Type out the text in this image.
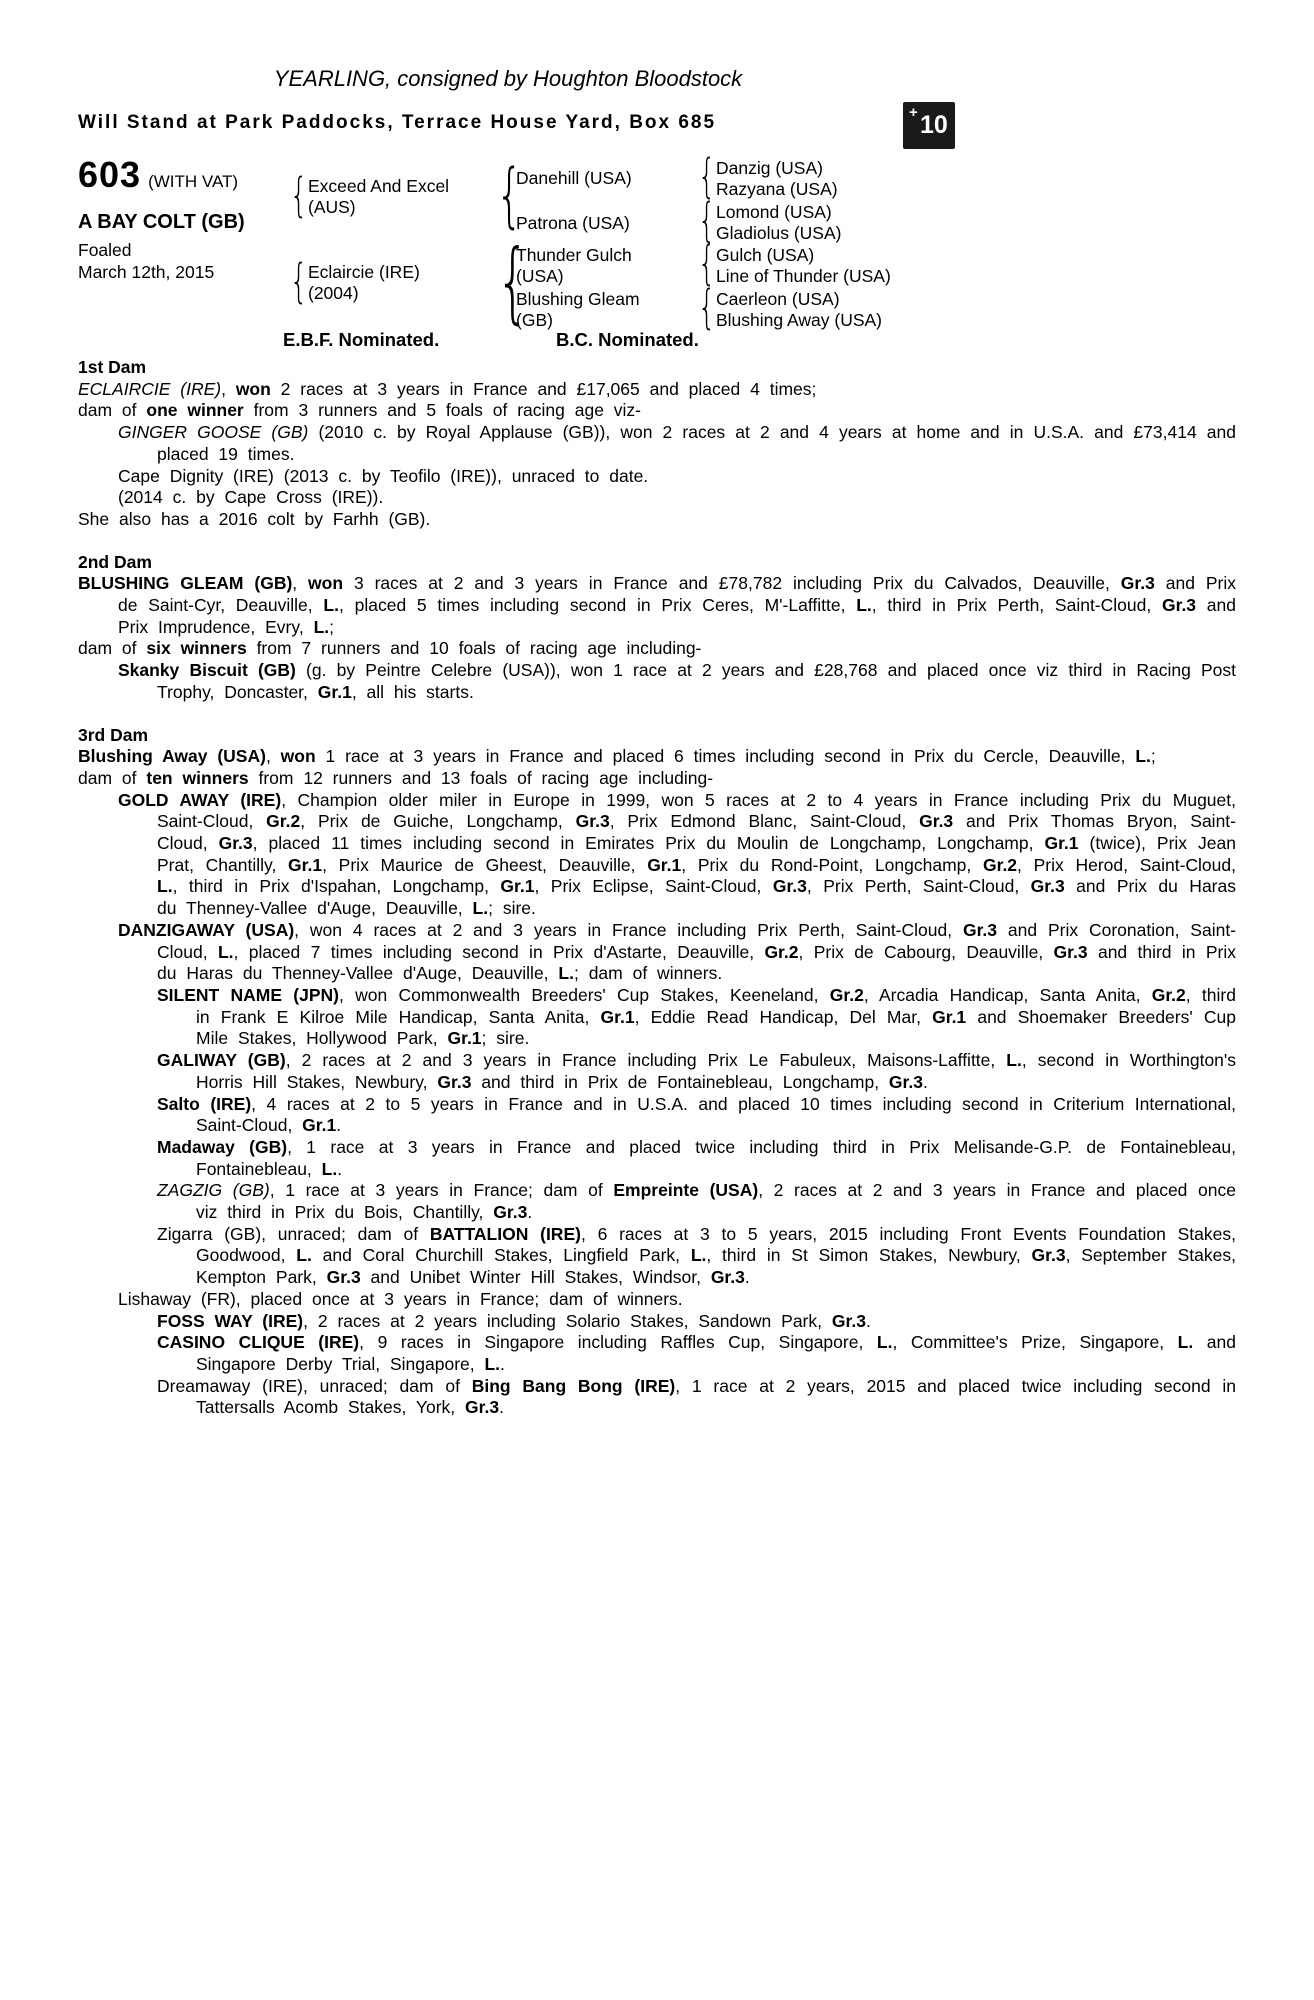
YEARLING, consigned by Houghton Bloodstock
Will Stand at Park Paddocks, Terrace House Yard, Box 685	+ 10
603 (WITH VAT)
A BAY COLT (GB)
Foaled
March 12th, 2015
{
{
{
{
{
{
{
{
Exceed And Excel
(AUS)
Eclaircie (IRE)
(2004)
Danehill (USA)
Patrona (USA)
Thunder Gulch
(USA)
Blushing Gleam
(GB)
Danzig (USA)
Razyana (USA)
Lomond (USA)
Gladiolus (USA)
Gulch (USA)
Line of Thunder (USA)
Caerleon (USA)
Blushing Away (USA)
E.B.F. Nominated.	B.C. Nominated.
1st Dam

ECLAIRCIE (IRE), won 2 races at 3 years in France and £17,065 and placed 4 times;

dam of one winner from 3 runners and 5 foals of racing age viz-

GINGER GOOSE (GB) (2010 c. by Royal Applause (GB)), won 2 races at 2 and 4 years at home and in U.S.A. and £73,414 and placed 19 times.

Cape Dignity (IRE) (2013 c. by Teofilo (IRE)), unraced to date.

(2014 c. by Cape Cross (IRE)).

She also has a 2016 colt by Farhh (GB).

2nd Dam

BLUSHING GLEAM (GB), won 3 races at 2 and 3 years in France and £78,782 including Prix du Calvados, Deauville, Gr.3 and Prix de Saint-Cyr, Deauville, L., placed 5 times including second in Prix Ceres, M'-Laffitte, L., third in Prix Perth, Saint-Cloud, Gr.3 and Prix Imprudence, Evry, L.;

dam of six winners from 7 runners and 10 foals of racing age including-

Skanky Biscuit (GB) (g. by Peintre Celebre (USA)), won 1 race at 2 years and £28,768 and placed once viz third in Racing Post Trophy, Doncaster, Gr.1, all his starts.

3rd Dam

Blushing Away (USA), won 1 race at 3 years in France and placed 6 times including second in Prix du Cercle, Deauville, L.;

dam of ten winners from 12 runners and 13 foals of racing age including-

GOLD AWAY (IRE), Champion older miler in Europe in 1999, won 5 races at 2 to 4 years in France including Prix du Muguet, Saint-Cloud, Gr.2, Prix de Guiche, Longchamp, Gr.3, Prix Edmond Blanc, Saint-Cloud, Gr.3 and Prix Thomas Bryon, Saint-Cloud, Gr.3, placed 11 times including second in Emirates Prix du Moulin de Longchamp, Longchamp, Gr.1 (twice), Prix Jean Prat, Chantilly, Gr.1, Prix Maurice de Gheest, Deauville, Gr.1, Prix du Rond-Point, Longchamp, Gr.2, Prix Herod, Saint-Cloud, L., third in Prix d'Ispahan, Longchamp, Gr.1, Prix Eclipse, Saint-Cloud, Gr.3, Prix Perth, Saint-Cloud, Gr.3 and Prix du Haras du Thenney-Vallee d'Auge, Deauville, L.; sire.

DANZIGAWAY (USA), won 4 races at 2 and 3 years in France including Prix Perth, Saint-Cloud, Gr.3 and Prix Coronation, Saint-Cloud, L., placed 7 times including second in Prix d'Astarte, Deauville, Gr.2, Prix de Cabourg, Deauville, Gr.3 and third in Prix du Haras du Thenney-Vallee d'Auge, Deauville, L.; dam of winners.

SILENT NAME (JPN), won Commonwealth Breeders' Cup Stakes, Keeneland, Gr.2, Arcadia Handicap, Santa Anita, Gr.2, third in Frank E Kilroe Mile Handicap, Santa Anita, Gr.1, Eddie Read Handicap, Del Mar, Gr.1 and Shoemaker Breeders' Cup Mile Stakes, Hollywood Park, Gr.1; sire.

GALIWAY (GB), 2 races at 2 and 3 years in France including Prix Le Fabuleux, Maisons-Laffitte, L., second in Worthington's Horris Hill Stakes, Newbury, Gr.3 and third in Prix de Fontainebleau, Longchamp, Gr.3.

Salto (IRE), 4 races at 2 to 5 years in France and in U.S.A. and placed 10 times including second in Criterium International, Saint-Cloud, Gr.1.

Madaway (GB), 1 race at 3 years in France and placed twice including third in Prix Melisande-G.P. de Fontainebleau, Fontainebleau, L..

ZAGZIG (GB), 1 race at 3 years in France; dam of Empreinte (USA), 2 races at 2 and 3 years in France and placed once viz third in Prix du Bois, Chantilly, Gr.3.

Zigarra (GB), unraced; dam of BATTALION (IRE), 6 races at 3 to 5 years, 2015 including Front Events Foundation Stakes, Goodwood, L. and Coral Churchill Stakes, Lingfield Park, L., third in St Simon Stakes, Newbury, Gr.3, September Stakes, Kempton Park, Gr.3 and Unibet Winter Hill Stakes, Windsor, Gr.3.

Lishaway (FR), placed once at 3 years in France; dam of winners.

FOSS WAY (IRE), 2 races at 2 years including Solario Stakes, Sandown Park, Gr.3.

CASINO CLIQUE (IRE), 9 races in Singapore including Raffles Cup, Singapore, L., Committee's Prize, Singapore, L. and Singapore Derby Trial, Singapore, L..

Dreamaway (IRE), unraced; dam of Bing Bang Bong (IRE), 1 race at 2 years, 2015 and placed twice including second in Tattersalls Acomb Stakes, York, Gr.3.
